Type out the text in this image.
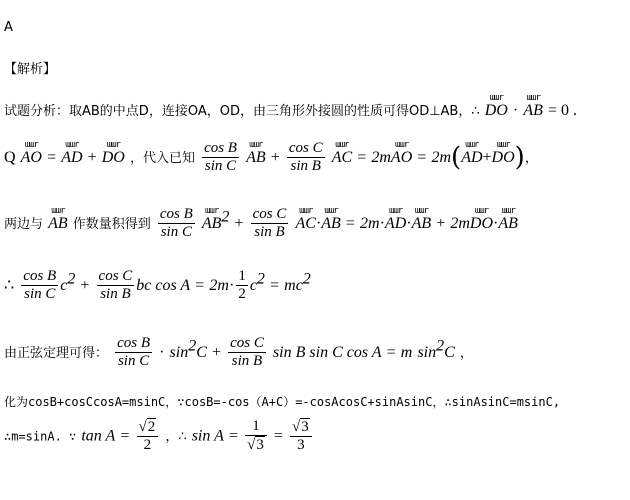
A
【解析】
试题分析：取AB的中点D，连接OA，OD，由三角形外接圆的性质可得OD⊥AB，∴
ɯɯr
DO ·
ɯɯr
AB = 0 .
Q
ɯɯr
AO =
ɯɯr
AD +
ɯɯr
DO ，代入已知 $\frac{\text{cos B}}{\text{sin C}}$
	ɯɯr
AB + $\frac{\text{cos C}}{\text{sin B}}$
	ɯɯr
AC = 2m
ɯɯr
AO = 2m( ɯɯr
AD+
ɯɯr
DO)，
两边与
ɯɯr
AB 作数量积得到 $\frac{\text{cos B}}{\text{sin C}}$
	ɯɯr
$AB^2 + \frac{\text{cos C}}{\text{sin B}}$
	ɯɯr
AC·
ɯɯr
AB = 2m·
ɯɯr
AD·
ɯɯr
AB + 2m
ɯɯr
DO·
ɯɯr
AB
∴ $\frac{\text{cos B}}{\text{sin C}} c^2 + \frac{\text{cos C}}{\text{sin B}}$ bc $\cos A = 2m\cdot \frac{1}{2} c^2 = mc^2$
由正弦定理可得： $\frac{\text{cos B}}{\text{sin C}} \cdot \sin^2C + \frac{\text{cos C}}{\text{sin B}}$ sin B sin C cos A = m $\sin^2C$ ，
化为cosB+cosCcosA=msinC，∵cosB=-cos（A+C）=-cosAcosC+sinAsinC，∴sinAsinC=msinC,
∴m=sinA. ∵ $\tan A = \frac{√2}{2}$ ，∴ $\sin A = \frac{1}{√3} = \frac{√3}{3}$
